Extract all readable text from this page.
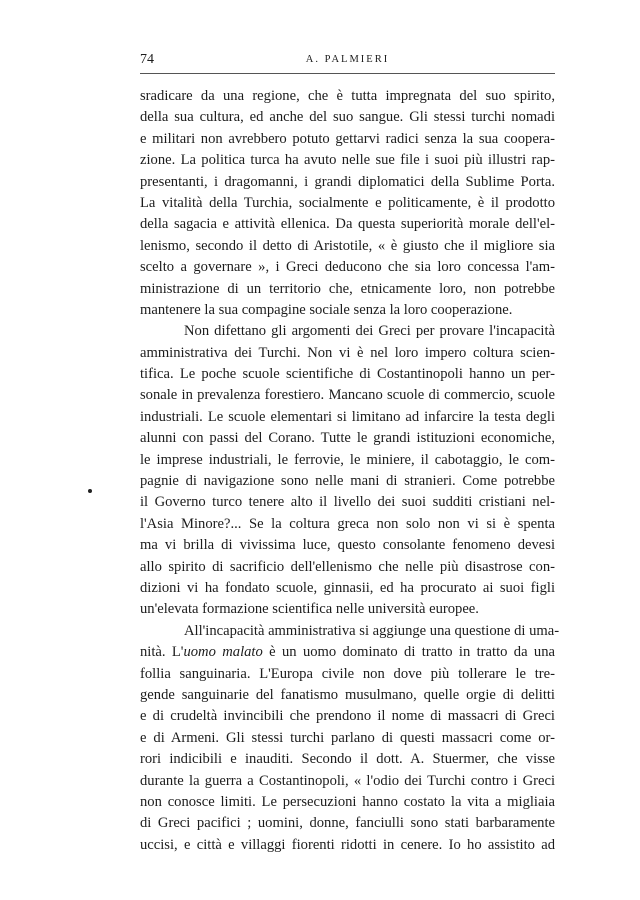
74	A. PALMIERI
sradicare da una regione, che è tutta impregnata del suo spirito,
della sua cultura, ed anche del suo sangue. Gli stessi turchi nomadi
e militari non avrebbero potuto gettarvi radici senza la sua coopera-
zione. La politica turca ha avuto nelle sue file i suoi più illustri rap-
presentanti, i dragomanni, i grandi diplomatici della Sublime Porta.
La vitalità della Turchia, socialmente e politicamente, è il prodotto
della sagacia e attività ellenica. Da questa superiorità morale dell'el-
lenismo, secondo il detto di Aristotile, « è giusto che il migliore sia
scelto a governare », i Greci deducono che sia loro concessa l'am-
ministrazione di un territorio che, etnicamente loro, non potrebbe
mantenere la sua compagine sociale senza la loro cooperazione.
Non difettano gli argomenti dei Greci per provare l'incapacità
amministrativa dei Turchi. Non vi è nel loro impero coltura scien-
tifica. Le poche scuole scientifiche di Costantinopoli hanno un per-
sonale in prevalenza forestiero. Mancano scuole di commercio, scuole
industriali. Le scuole elementari si limitano ad infarcire la testa degli
alunni con passi del Corano. Tutte le grandi istituzioni economiche,
le imprese industriali, le ferrovie, le miniere, il cabotaggio, le com-
pagnie di navigazione sono nelle mani di stranieri. Come potrebbe
il Governo turco tenere alto il livello dei suoi sudditi cristiani nel-
l'Asia Minore?... Se la coltura greca non solo non vi si è spenta
ma vi brilla di vivissima luce, questo consolante fenomeno devesi
allo spirito di sacrificio dell'ellenismo che nelle più disastrose con-
dizioni vi ha fondato scuole, ginnasii, ed ha procurato ai suoi figli
un'elevata formazione scientifica nelle università europee.
All'incapacità amministrativa si aggiunge una questione di uma-
nità. L'uomo malato è un uomo dominato di tratto in tratto da una
follia sanguinaria. L'Europa civile non dove più tollerare le tre-
gende sanguinarie del fanatismo musulmano, quelle orgie di delitti
e di crudeltà invincibili che prendono il nome di massacri di Greci
e di Armeni. Gli stessi turchi parlano di questi massacri come or-
rori indicibili e inauditi. Secondo il dott. A. Stuermer, che visse
durante la guerra a Costantinopoli, « l'odio dei Turchi contro i Greci
non conosce limiti. Le persecuzioni hanno costato la vita a migliaia
di Greci pacifici ; uomini, donne, fanciulli sono stati barbaramente
uccisi, e città e villaggi fiorenti ridotti in cenere. Io ho assistito ad
